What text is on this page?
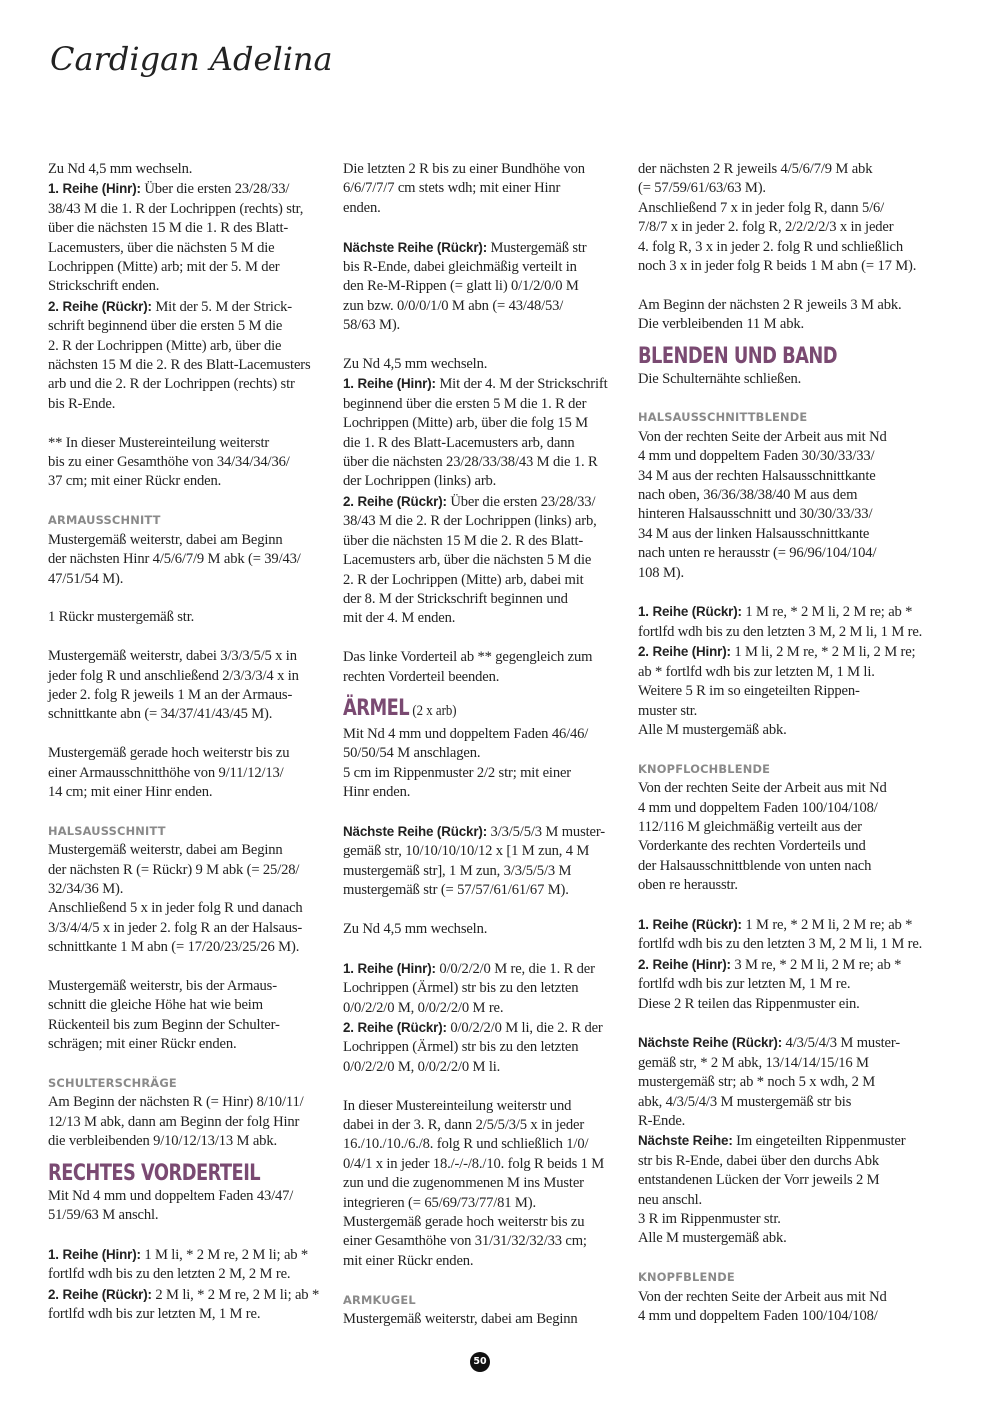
Cardigan Adelina
Zu Nd 4,5 mm wechseln.
1. Reihe (Hinr): Über die ersten 23/28/33/
38/43 M die 1. R der Lochrippen (rechts) str,
über die nächsten 15 M die 1. R des Blatt-
Lacemusters, über die nächsten 5 M die
Lochrippen (Mitte) arb; mit der 5. M der
Strickschrift enden.
2. Reihe (Rückr): Mit der 5. M der Strick-
schrift beginnend über die ersten 5 M die
2. R der Lochrippen (Mitte) arb, über die
nächsten 15 M die 2. R des Blatt-Lacemusters
arb und die 2. R der Lochrippen (rechts) str
bis R-Ende.
** In dieser Mustereinteilung weiterstr
bis zu einer Gesamthöhe von 34/34/34/36/
37 cm; mit einer Rückr enden.
ARMAUSSCHNITT
Mustergemäß weiterstr, dabei am Beginn
der nächsten Hinr 4/5/6/7/9 M abk (= 39/43/
47/51/54 M).
1 Rückr mustergemäß str.
Mustergemäß weiterstr, dabei 3/3/3/5/5 x in
jeder folg R und anschließend 2/3/3/3/4 x in
jeder 2. folg R jeweils 1 M an der Armaus-
schnittkante abn (= 34/37/41/43/45 M).
Mustergemäß gerade hoch weiterstr bis zu
einer Armausschnitthöhe von 9/11/12/13/
14 cm; mit einer Hinr enden.
HALSAUSSCHNITT
Mustergemäß weiterstr, dabei am Beginn
der nächsten R (= Rückr) 9 M abk (= 25/28/
32/34/36 M).
Anschließend 5 x in jeder folg R und danach
3/3/4/4/5 x in jeder 2. folg R an der Halsaus-
schnittkante 1 M abn (= 17/20/23/25/26 M).
Mustergemäß weiterstr, bis der Armaus-
schnitt die gleiche Höhe hat wie beim
Rückenteil bis zum Beginn der Schulter-
schrägen; mit einer Rückr enden.
SCHULTERSCHRÄGE
Am Beginn der nächsten R (= Hinr) 8/10/11/
12/13 M abk, dann am Beginn der folg Hinr
die verbleibenden 9/10/12/13/13 M abk.
RECHTES VORDERTEIL
Mit Nd 4 mm und doppeltem Faden 43/47/
51/59/63 M anschl.
1. Reihe (Hinr): 1 M li, * 2 M re, 2 M li; ab *
fortlfd wdh bis zu den letzten 2 M, 2 M re.
2. Reihe (Rückr): 2 M li, * 2 M re, 2 M li; ab *
fortlfd wdh bis zur letzten M, 1 M re.
Die letzten 2 R bis zu einer Bundhöhe von
6/6/7/7/7 cm stets wdh; mit einer Hinr
enden.
Nächste Reihe (Rückr): Mustergemäß str
bis R-Ende, dabei gleichmäßig verteilt in
den Re-M-Rippen (= glatt li) 0/1/2/0/0 M
zun bzw. 0/0/0/1/0 M abn (= 43/48/53/
58/63 M).
Zu Nd 4,5 mm wechseln.
1. Reihe (Hinr): Mit der 4. M der Strickschrift
beginnend über die ersten 5 M die 1. R der
Lochrippen (Mitte) arb, über die folg 15 M
die 1. R des Blatt-Lacemusters arb, dann
über die nächsten 23/28/33/38/43 M die 1. R
der Lochrippen (links) arb.
2. Reihe (Rückr): Über die ersten 23/28/33/
38/43 M die 2. R der Lochrippen (links) arb,
über die nächsten 15 M die 2. R des Blatt-
Lacemusters arb, über die nächsten 5 M die
2. R der Lochrippen (Mitte) arb, dabei mit
der 8. M der Strickschrift beginnen und
mit der 4. M enden.
Das linke Vorderteil ab ** gegengleich zum
rechten Vorderteil beenden.
ÄRMEL (2 x arb)
Mit Nd 4 mm und doppeltem Faden 46/46/
50/50/54 M anschlagen.
5 cm im Rippenmuster 2/2 str; mit einer
Hinr enden.
Nächste Reihe (Rückr): 3/3/5/5/3 M muster-
gemäß str, 10/10/10/10/12 x [1 M zun, 4 M
mustergemäß str], 1 M zun, 3/3/5/5/3 M
mustergemäß str (= 57/57/61/61/67 M).
Zu Nd 4,5 mm wechseln.
1. Reihe (Hinr): 0/0/2/2/0 M re, die 1. R der
Lochrippen (Ärmel) str bis zu den letzten
0/0/2/2/0 M, 0/0/2/2/0 M re.
2. Reihe (Rückr): 0/0/2/2/0 M li, die 2. R der
Lochrippen (Ärmel) str bis zu den letzten
0/0/2/2/0 M, 0/0/2/2/0 M li.
In dieser Mustereinteilung weiterstr und
dabei in der 3. R, dann 2/5/5/3/5 x in jeder
16./10./10./6./8. folg R und schließlich 1/0/
0/4/1 x in jeder 18./-/-/8./10. folg R beids 1 M
zun und die zugenommenen M ins Muster
integrieren (= 65/69/73/77/81 M).
Mustergemäß gerade hoch weiterstr bis zu
einer Gesamthöhe von 31/31/32/32/33 cm;
mit einer Rückr enden.
ARMKUGEL
Mustergemäß weiterstr, dabei am Beginn
der nächsten 2 R jeweils 4/5/6/7/9 M abk
(= 57/59/61/63/63 M).
Anschließend 7 x in jeder folg R, dann 5/6/
7/8/7 x in jeder 2. folg R, 2/2/2/2/3 x in jeder
4. folg R, 3 x in jeder 2. folg R und schließlich
noch 3 x in jeder folg R beids 1 M abn (= 17 M).
Am Beginn der nächsten 2 R jeweils 3 M abk.
Die verbleibenden 11 M abk.
BLENDEN UND BAND
Die Schulternähte schließen.
HALSAUSSCHNITTBLENDE
Von der rechten Seite der Arbeit aus mit Nd
4 mm und doppeltem Faden 30/30/33/33/
34 M aus der rechten Halsausschnittkante
nach oben, 36/36/38/38/40 M aus dem
hinteren Halsausschnitt und 30/30/33/33/
34 M aus der linken Halsausschnittkante
nach unten re herausstr (= 96/96/104/104/
108 M).
1. Reihe (Rückr): 1 M re, * 2 M li, 2 M re; ab *
fortlfd wdh bis zu den letzten 3 M, 2 M li, 1 M re.
2. Reihe (Hinr): 1 M li, 2 M re, * 2 M li, 2 M re;
ab * fortlfd wdh bis zur letzten M, 1 M li.
Weitere 5 R im so eingeteilten Rippen-
muster str.
Alle M mustergemäß abk.
KNOPFLOCHBLENDE
Von der rechten Seite der Arbeit aus mit Nd
4 mm und doppeltem Faden 100/104/108/
112/116 M gleichmäßig verteilt aus der
Vorderkante des rechten Vorderteils und
der Halsausschnittblende von unten nach
oben re herausstr.
1. Reihe (Rückr): 1 M re, * 2 M li, 2 M re; ab *
fortlfd wdh bis zu den letzten 3 M, 2 M li, 1 M re.
2. Reihe (Hinr): 3 M re, * 2 M li, 2 M re; ab *
fortlfd wdh bis zur letzten M, 1 M re.
Diese 2 R teilen das Rippenmuster ein.
Nächste Reihe (Rückr): 4/3/5/4/3 M muster-
gemäß str, * 2 M abk, 13/14/14/15/16 M
mustergemäß str; ab * noch 5 x wdh, 2 M
abk, 4/3/5/4/3 M mustergemäß str bis
R-Ende.
Nächste Reihe: Im eingeteilten Rippenmuster
str bis R-Ende, dabei über den durchs Abk
entstandenen Lücken der Vorr jeweils 2 M
neu anschl.
3 R im Rippenmuster str.
Alle M mustergemäß abk.
KNOPFBLENDE
Von der rechten Seite der Arbeit aus mit Nd
4 mm und doppeltem Faden 100/104/108/
50
